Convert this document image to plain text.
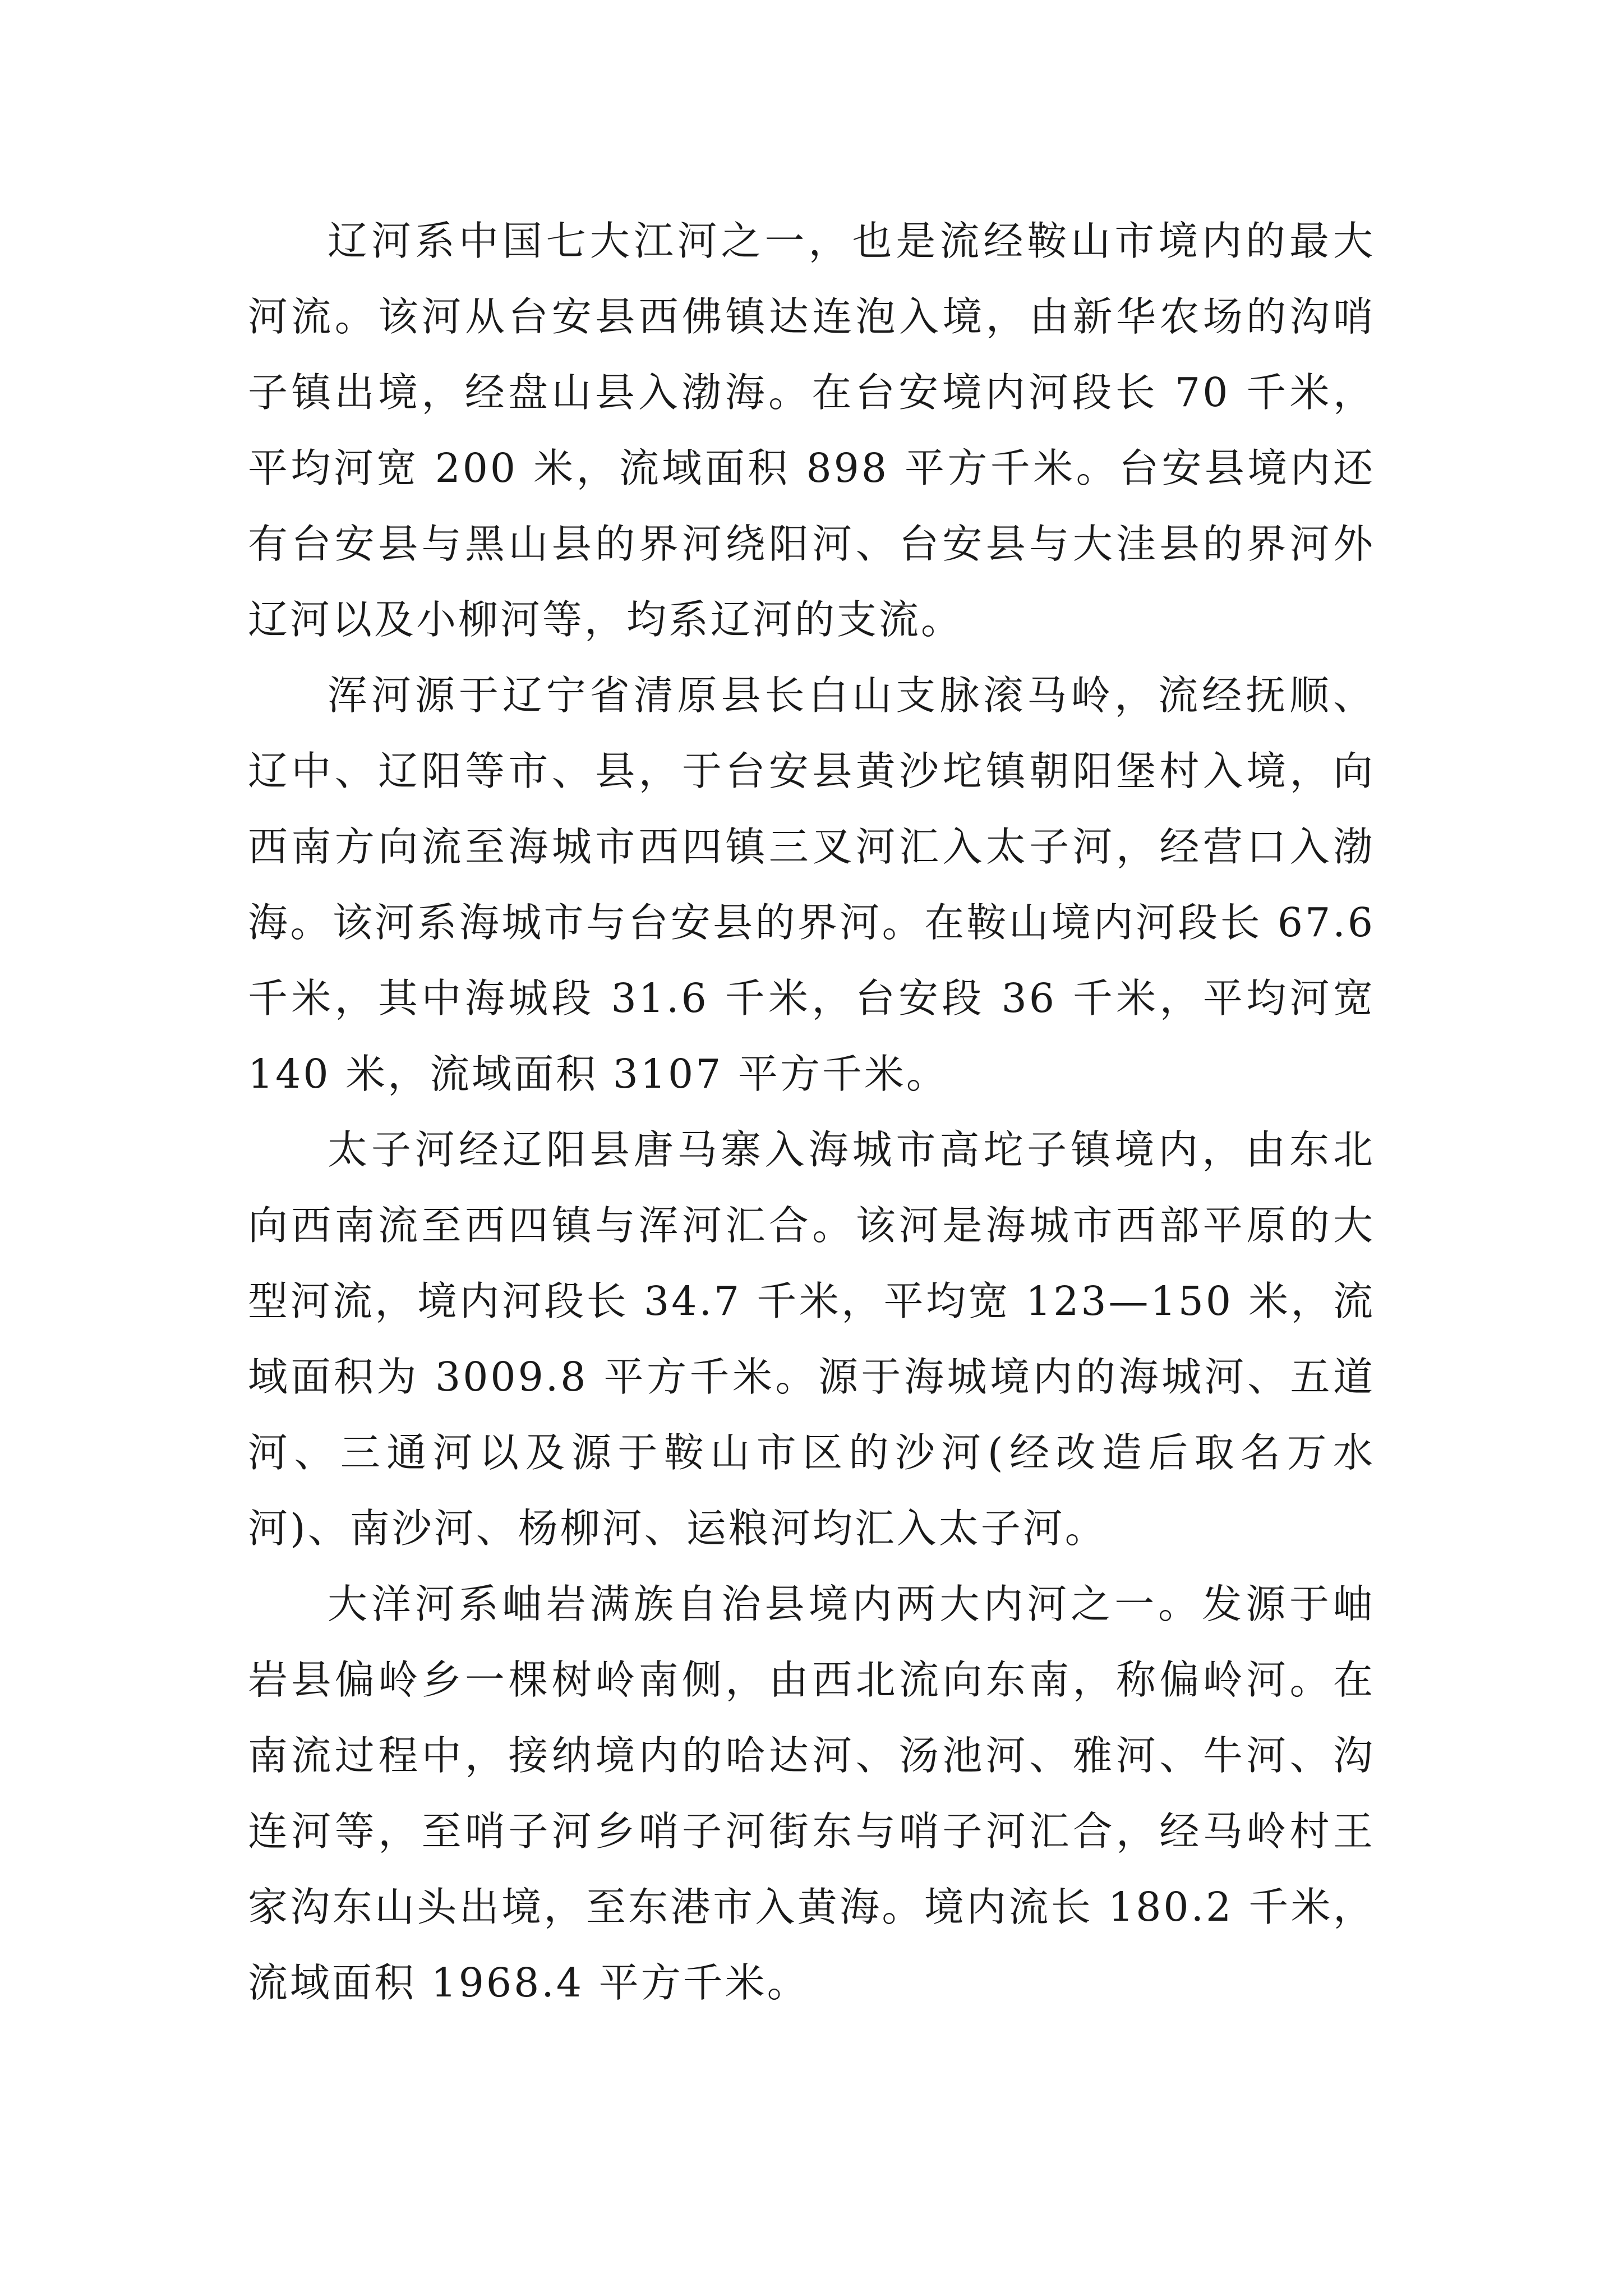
辽河系中国七大江河之一，也是流经鞍山市境内的最大河流。该河从台安县西佛镇达连泡入境，由新华农场的沟哨子镇出境，经盘山县入渤海。在台安境内河段长 70 千米，平均河宽 200 米，流域面积 898 平方千米。台安县境内还有台安县与黑山县的界河绕阳河、台安县与大洼县的界河外辽河以及小柳河等，均系辽河的支流。

浑河源于辽宁省清原县长白山支脉滚马岭，流经抚顺、辽中、辽阳等市、县，于台安县黄沙坨镇朝阳堡村入境，向西南方向流至海城市西四镇三叉河汇入太子河，经营口入渤海。该河系海城市与台安县的界河。在鞍山境内河段长 67.6 千米，其中海城段 31.6 千米，台安段 36 千米，平均河宽 140 米，流域面积 3107 平方千米。

太子河经辽阳县唐马寨入海城市高坨子镇境内，由东北向西南流至西四镇与浑河汇合。该河是海城市西部平原的大型河流，境内河段长 34.7 千米，平均宽 123—150 米，流域面积为 3009.8 平方千米。源于海城境内的海城河、五道河、三通河以及源于鞍山市区的沙河(经改造后取名万水河)、南沙河、杨柳河、运粮河均汇入太子河。

大洋河系岫岩满族自治县境内两大内河之一。发源于岫岩县偏岭乡一棵树岭南侧，由西北流向东南，称偏岭河。在南流过程中，接纳境内的哈达河、汤池河、雅河、牛河、沟连河等，至哨子河乡哨子河街东与哨子河汇合，经马岭村王家沟东山头出境，至东港市入黄海。境内流长 180.2 千米，流域面积 1968.4 平方千米。
